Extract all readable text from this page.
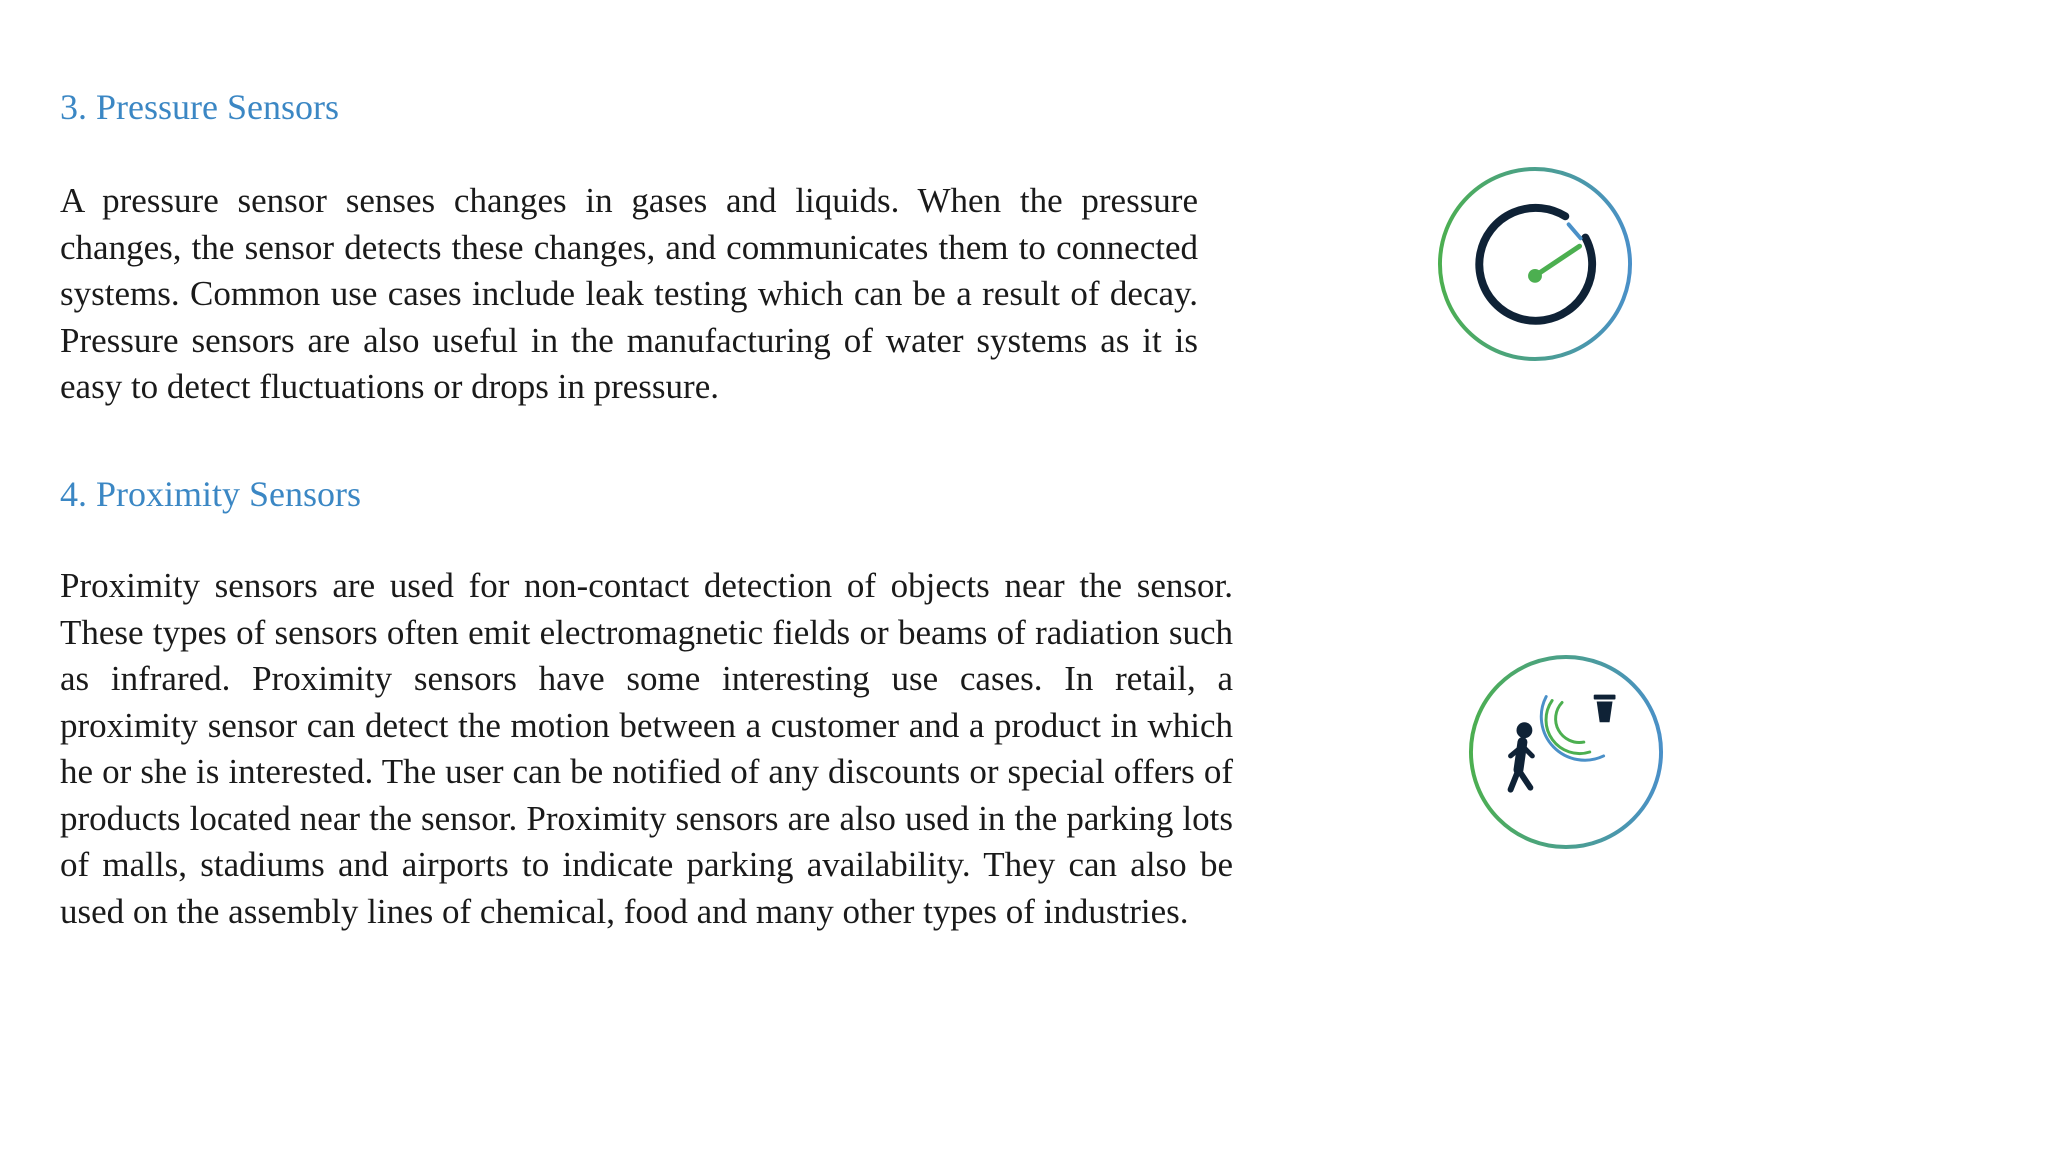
3. Pressure Sensors

A pressure sensor senses changes in gases and liquids. When the pressure changes, the sensor detects these changes, and communicates them to connected systems. Common use cases include leak testing which can be a result of decay. Pressure sensors are also useful in the manufacturing of water systems as it is easy to detect fluctuations or drops in pressure.

4. Proximity Sensors

Proximity sensors are used for non-contact detection of objects near the sensor. These types of sensors often emit electromagnetic fields or beams of radiation such as infrared. Proximity sensors have some interesting use cases. In retail, a proximity sensor can detect the motion between a customer and a product in which he or she is interested. The user can be notified of any discounts or special offers of products located near the sensor. Proximity sensors are also used in the parking lots of malls, stadiums and airports to indicate parking availability. They can also be used on the assembly lines of chemical, food and many other types of industries.
